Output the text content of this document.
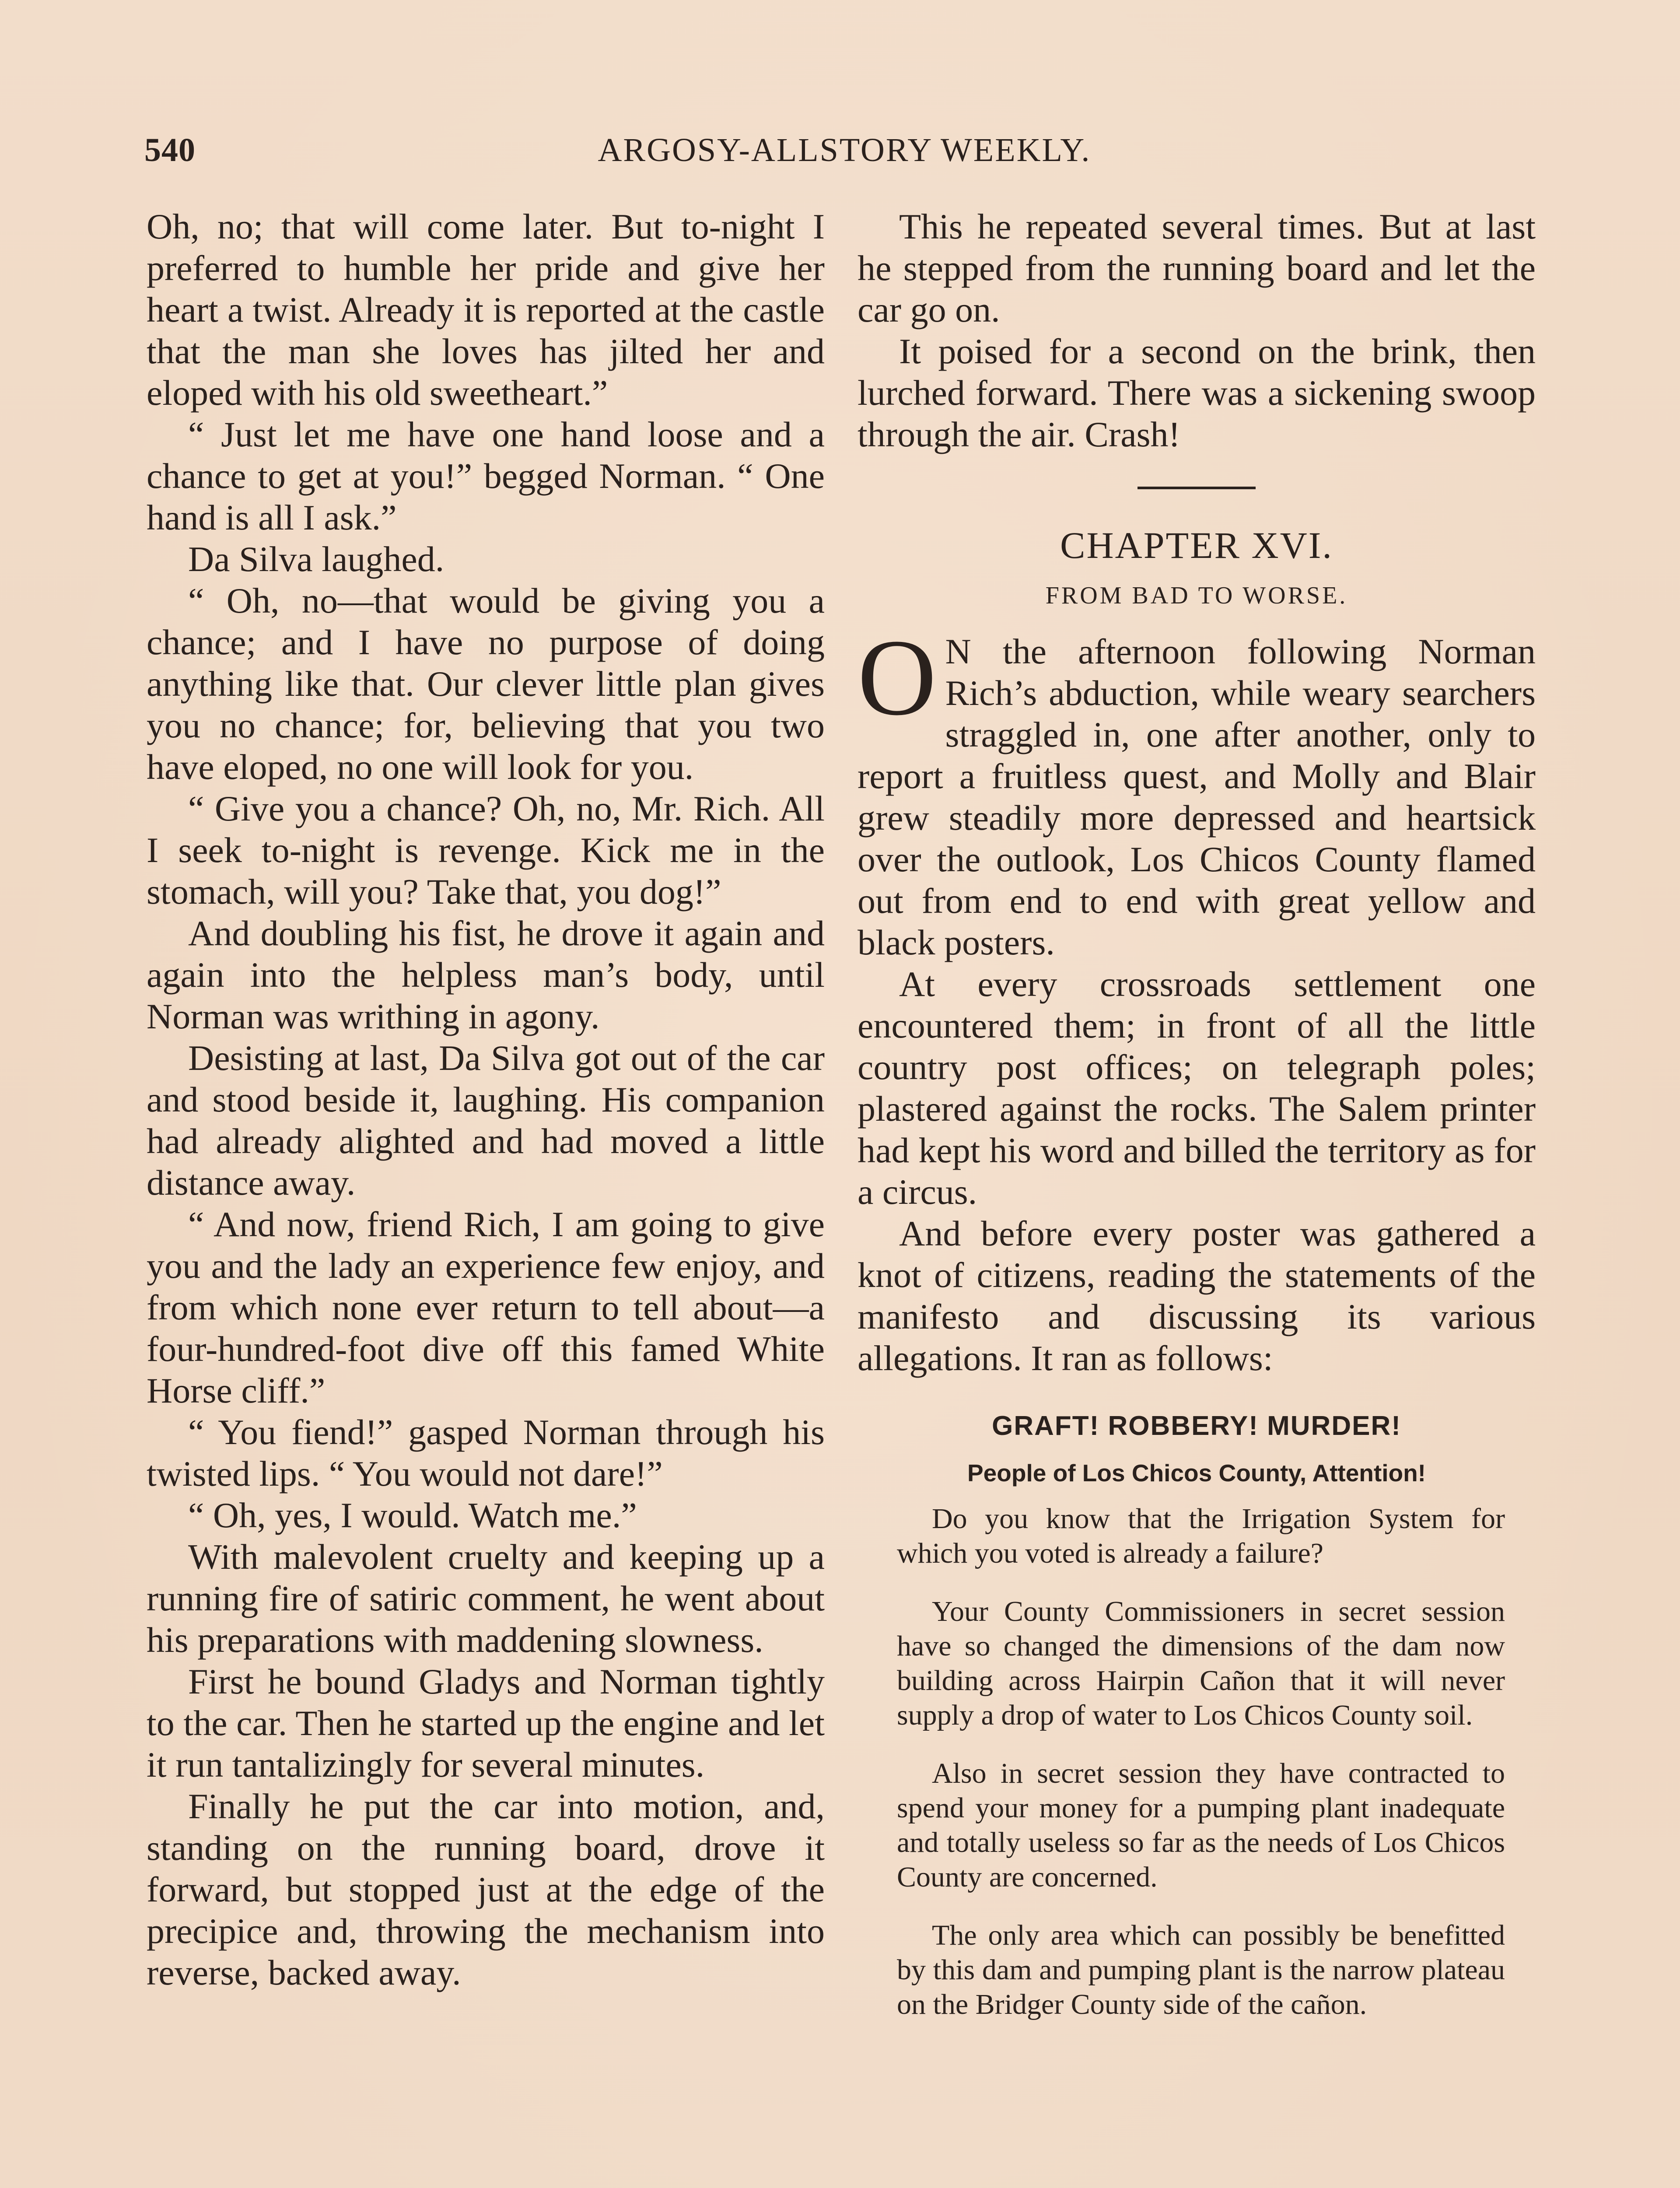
540	ARGOSY-ALLSTORY WEEKLY.

Oh, no; that will come later. But to-night I preferred to humble her pride and give her heart a twist. Already it is reported at the castle that the man she loves has jilted her and eloped with his old sweetheart.”

“ Just let me have one hand loose and a chance to get at you!” begged Norman. “ One hand is all I ask.”

Da Silva laughed.

“ Oh, no—that would be giving you a chance; and I have no purpose of doing anything like that. Our clever little plan gives you no chance; for, believing that you two have eloped, no one will look for you.

“ Give you a chance? Oh, no, Mr. Rich. All I seek to-night is revenge. Kick me in the stomach, will you? Take that, you dog!”

And doubling his fist, he drove it again and again into the helpless man’s body, until Norman was writhing in agony.

Desisting at last, Da Silva got out of the car and stood beside it, laughing. His companion had already alighted and had moved a little distance away.

“ And now, friend Rich, I am going to give you and the lady an experience few enjoy, and from which none ever return to tell about—a four-hundred-foot dive off this famed White Horse cliff.”

“ You fiend!” gasped Norman through his twisted lips. “ You would not dare!”

“ Oh, yes, I would. Watch me.”

With malevolent cruelty and keeping up a running fire of satiric comment, he went about his preparations with maddening slowness.

First he bound Gladys and Norman tightly to the car. Then he started up the engine and let it run tantalizingly for several minutes.

Finally he put the car into motion, and, standing on the running board, drove it forward, but stopped just at the edge of the precipice and, throwing the mechanism into reverse, backed away.

This he repeated several times. But at last he stepped from the running board and let the car go on.

It poised for a second on the brink, then lurched forward. There was a sickening swoop through the air. Crash!

CHAPTER XVI.
FROM BAD TO WORSE.

O N the afternoon following Norman Rich’s abduction, while weary searchers straggled in, one after another, only to report a fruitless quest, and Molly and Blair grew steadily more depressed and heartsick over the outlook, Los Chicos County flamed out from end to end with great yellow and black posters.

At every crossroads settlement one encountered them; in front of all the little country post offices; on telegraph poles; plastered against the rocks. The Salem printer had kept his word and billed the territory as for a circus.

And before every poster was gathered a knot of citizens, reading the statements of the manifesto and discussing its various allegations. It ran as follows:

GRAFT! ROBBERY! MURDER!
People of Los Chicos County, Attention!

Do you know that the Irrigation System for which you voted is already a failure?

Your County Commissioners in secret session have so changed the dimensions of the dam now building across Hairpin Cañon that it will never supply a drop of water to Los Chicos County soil.

Also in secret session they have contracted to spend your money for a pumping plant inadequate and totally useless so far as the needs of Los Chicos County are concerned.

The only area which can possibly be benefitted by this dam and pumping plant is the narrow plateau on the Bridger County side of the cañon.
